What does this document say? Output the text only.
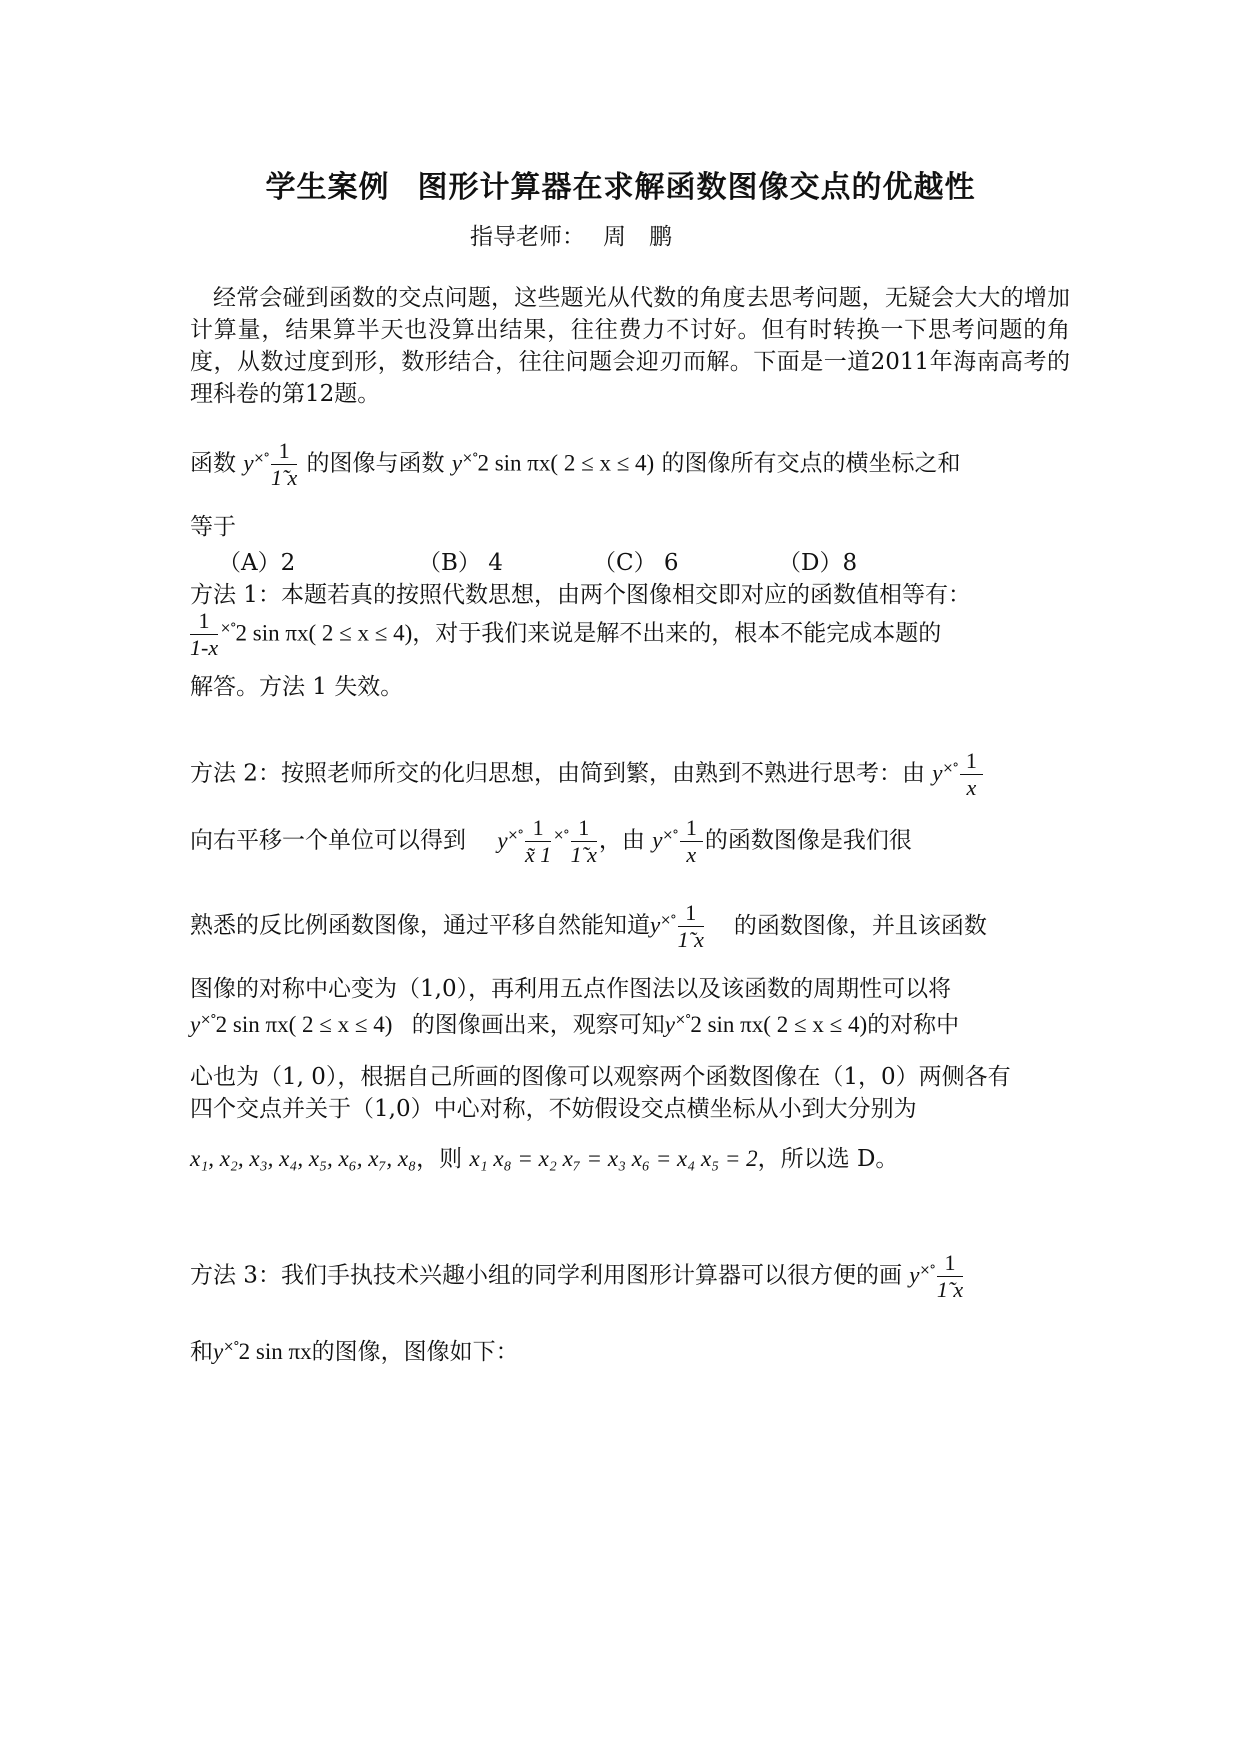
学生案例 图形计算器在求解函数图像交点的优越性
指导老师： 周　鹏
经常会碰到函数的交点问题，这些题光从代数的角度去思考问题，无疑会大大的增加计算量，结果算半天也没算出结果，往往费力不讨好。但有时转换一下思考问题的角度，从数过度到形，数形结合，往往问题会迎刃而解。下面是一道2011年海南高考的理科卷的第12题。
函数 $y^{\times^\circ} \frac{1}{1̃ x}$ 的图像与函数 y×°2 sin πx( 2 ≤ x ≤ 4) 的图像所有交点的横坐标之和
等于
（A）2	（B） 4	（C） 6	（D）8
方法 1：本题若真的按照代数思想，由两个图像相交即对应的函数值相等有：
$\frac{1}{1-x} ^{\times^\circ}2$ sin πx( 2 ≤ x ≤ 4)，对于我们来说是解不出来的，根本不能完成本题的
解答。方法 1 失效。
方法 2：按照老师所交的化归思想，由简到繁，由熟到不熟进行思考：由 $y^{\times^\circ} \frac{1}{x}$
向右平移一个单位可以得到 $y^{\times^\circ} \frac{1}{x̃ 1} ^{\times^\circ} \frac{1}{1̃ x}$ ，由 $y^{\times^\circ} \frac{1}{x}$ 的函数图像是我们很
熟悉的反比例函数图像，通过平移自然能知道$y^{\times^\circ} \frac{1}{1̃ x}$ 的函数图像，并且该函数
图像的对称中心变为（1,0），再利用五点作图法以及该函数的周期性可以将
y×°2 sin πx( 2 ≤ x ≤ 4) 的图像画出来，观察可知y×°2 sin πx( 2 ≤ x ≤ 4)的对称中
心也为（1, 0），根据自己所画的图像可以观察两个函数图像在（1，0）两侧各有
四个交点并关于（1,0）中心对称，不妨假设交点横坐标从小到大分别为
x₁, x₂, x₃, x₄, x₅, x₆, x₇, x₈，则 x₁ x₈ = x₂ x₇ = x₃ x₆ = x₄ x₅ = 2，所以选 D。
方法 3：我们手执技术兴趣小组的同学利用图形计算器可以很方便的画 $y^{\times^\circ} \frac{1}{1̃ x}$
和y×°2 sin πx的图像，图像如下：
